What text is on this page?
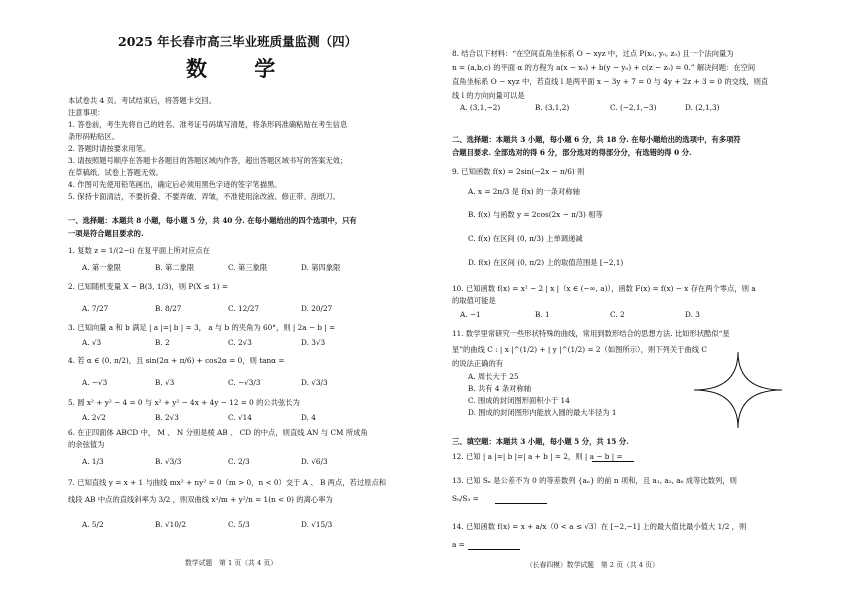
2025 年长春市高三毕业班质量监测（四）
数 学
本试卷共 4 页。考试结束后，将答题卡交回。
注意事项：
1. 答卷前，考生先将自己的姓名、准考证号码填写清楚，将条形码准确粘贴在考生信息
条形码粘贴区。
2. 答题时请按要求用笔。
3. 请按照题号顺序在答题卡各题目的答题区域内作答，超出答题区域书写的答案无效；
在草稿纸、试卷上答题无效。
4. 作图可先使用铅笔画出，确定后必须用黑色字迹的签字笔描黑。
5. 保持卡面清洁，不要折叠、不要弄破、弄皱，不准使用涂改液、修正带、刮纸刀。
一、选择题：本题共 8 小题，每小题 5 分，共 40 分. 在每小题给出的四个选项中，只有
一项是符合题目要求的.
1. 复数 z = 1/(2−i) 在复平面上所对应点在
A. 第一象限	B. 第二象限	C. 第三象限	D. 第四象限
2. 已知随机变量 X ~ B(3, 1/3)，则 P(X ≤ 1) =
A. 7/27	B. 8/27	C. 12/27	D. 20/27
3. 已知向量 a 和 b 满足 | a |=| b | = 3， a 与 b 的夹角为 60°，则 | 2a − b | =
A. √3	B. 2	C. 2√3	D. 3√3
4. 若 α ∈ (0, π/2)，且 sin(2α + π/6) + cos2α = 0，则 tanα =
A. −√3	B. √3	C. −√3/3	D. √3/3
5. 圆 x² + y² − 4 = 0 与 x² + y² − 4x + 4y − 12 = 0 的公共弦长为
A. 2√2	B. 2√3	C. √14	D. 4
6. 在正四面体 ABCD 中， M 、 N 分别是棱 AB 、 CD 的中点，则直线 AN 与 CM 所成角
的余弦值为
A. 1/3	B. √3/3	C. 2/3	D. √6/3
7. 已知直线 y = x + 1 与曲线 mx² + ny² = 0（m > 0，n < 0）交于 A 、 B 两点，若过原点和
线段 AB 中点的直线斜率为 3/2 ，则双曲线 x²/m + y²/n = 1(n < 0) 的离心率为
A. 5/2	B. √10/2	C. 5/3	D. √15/3
数学试题　第 1 页（共 4 页）
8. 结合以下材料：“在空间直角坐标系 O − xyz 中，过点 P(x₀, y₀, z₀) 且一个法向量为
n = (a,b,c) 的平面 α 的方程为 a(x − x₀) + b(y − y₀) + c(z − z₀) = 0.” 解决问题：在空间
直角坐标系 O − xyz 中，若直线 l 是两平面 x − 3y + 7 = 0 与 4y + 2z + 3 = 0 的交线，则直
线 l 的方向向量可以是
A. (3,1,−2)	B. (3,1,2)	C. (−2,1,−3)	D. (2,1,3)
二、选择题：本题共 3 小题，每小题 6 分，共 18 分. 在每小题给出的选项中，有多项符
合题目要求. 全部选对的得 6 分，部分选对的得部分分，有选错的得 0 分.
9. 已知函数 f(x) = 2sin(−2x − π/6) 则
A. x = 2π/3 是 f(x) 的一条对称轴
B. f(x) 与函数 y = 2cos(2x − π/3) 相等
C. f(x) 在区间 (0, π/3) 上单调递减
D. f(x) 在区间 (0, π/2) 上的取值范围是 [−2,1)
10. 已知函数 f(x) = x² − 2 | x |（x ∈ (−∞, a)），函数 F(x) = f(x) − x 存在两个零点，则 a
的取值可能是
A. −1	B. 1	C. 2	D. 3
11. 数学里常研究一些形状特殊的曲线，常用到数形结合的思想方法. 比如形状酷似“星
星”的曲线 C : | x |^(1/2) + | y |^(1/2) = 2（如图所示），则下列关于曲线 C
的说法正确的有
A. 周长大于 25
B. 共有 4 条对称轴
C. 围成的封闭图形面积小于 14
D. 围成的封闭图形内能放入圆的最大半径为 1
三、填空题：本题共 3 小题，每小题 5 分，共 15 分.
12. 已知 | a |=| b |=| a + b | = 2，则 | a − b | =
13. 已知 Sₙ 是公差不为 0 的等差数列 {aₙ} 的前 n 项和，且 a₁, a₂, a₆ 成等比数列，则
S₅/S₃ =
14. 已知函数 f(x) = x + a/x（0 < a ≤ √3）在 [−2,−1] 上的最大值比最小值大 1/2 ，则
a =
（长春四模）数学试题　第 2 页（共 4 页）
